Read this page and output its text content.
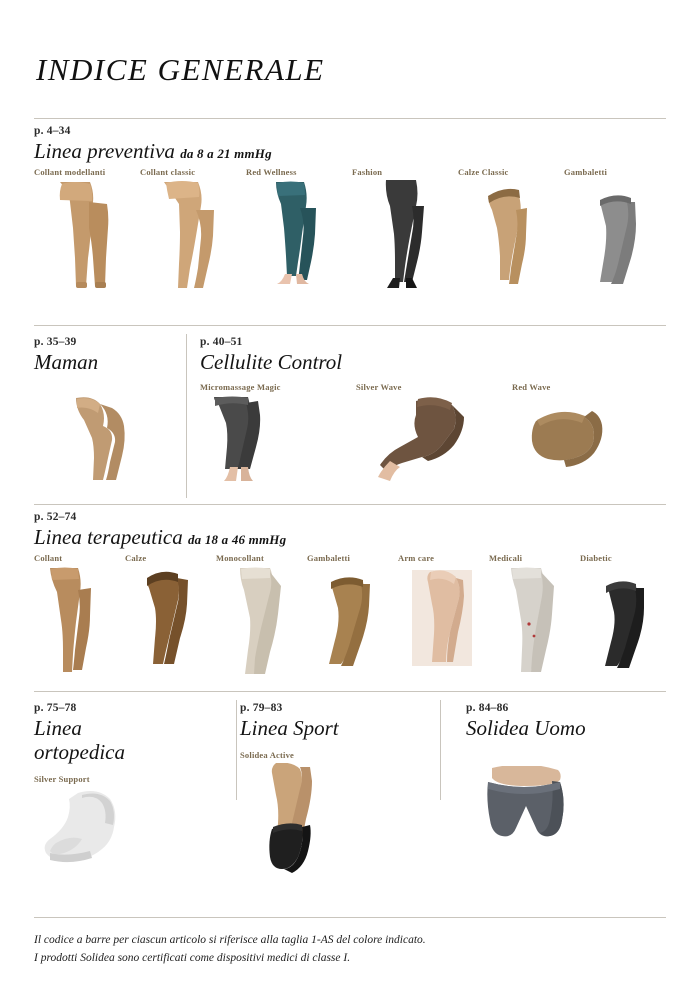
INDICE GENERALE
p. 4–34
Linea preventiva da 8 a 21 mmHg
Collant modellanti	Collant classic	Red Wellness	Fashion	Calze Classic	Gambaletti
p. 35–39
Maman
p. 40–51
Cellulite Control
Micromassage Magic	Silver Wave	Red Wave
p. 52–74
Linea terapeutica da 18 a 46 mmHg
Collant	Calze	Monocollant	Gambaletti	Arm care	Medicali	Diabetic
p. 75–78
Linea ortopedica
Silver Support
p. 79–83
Linea Sport
Solidea Active
p. 84–86
Solidea Uomo
Il codice a barre per ciascun articolo si riferisce alla taglia 1-AS del colore indicato.
I prodotti Solidea sono certificati come dispositivi medici di classe I.
